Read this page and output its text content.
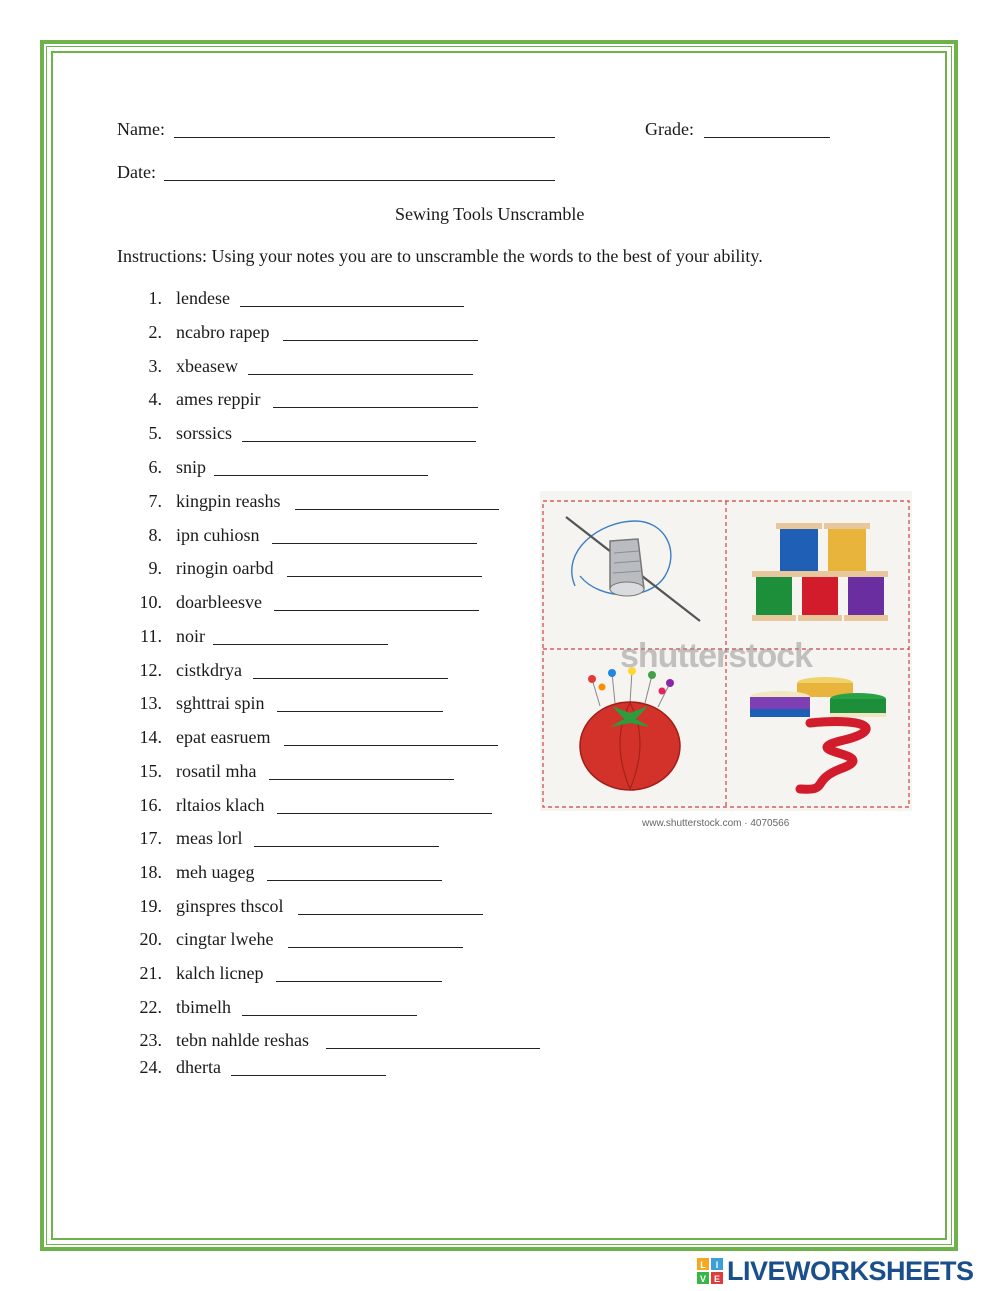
Name:	Grade:
Date:
Sewing Tools Unscramble
Instructions: Using your notes you are to unscramble the words to the best of your ability.
1. lendese
2. ncabro rapep
3. xbeasew
4. ames reppir
5. sorssics
6. snip
7. kingpin reashs
8. ipn cuhiosn
9. rinogin oarbd
10. doarbleesve
11. noir
12. cistkdrya
13. sghttrai spin
14. epat easruem
15. rosatil mha
16. rltaios klach
17. meas lorl
18. meh uageg
19. ginspres thscol
20. cingtar lwehe
21. kalch licnep
22. tbimelh
23. tebn nahlde reshas
24. dherta
shutterstock
www.shutterstock.com · 4070566
L I
V E LIVEWORKSHEETS
